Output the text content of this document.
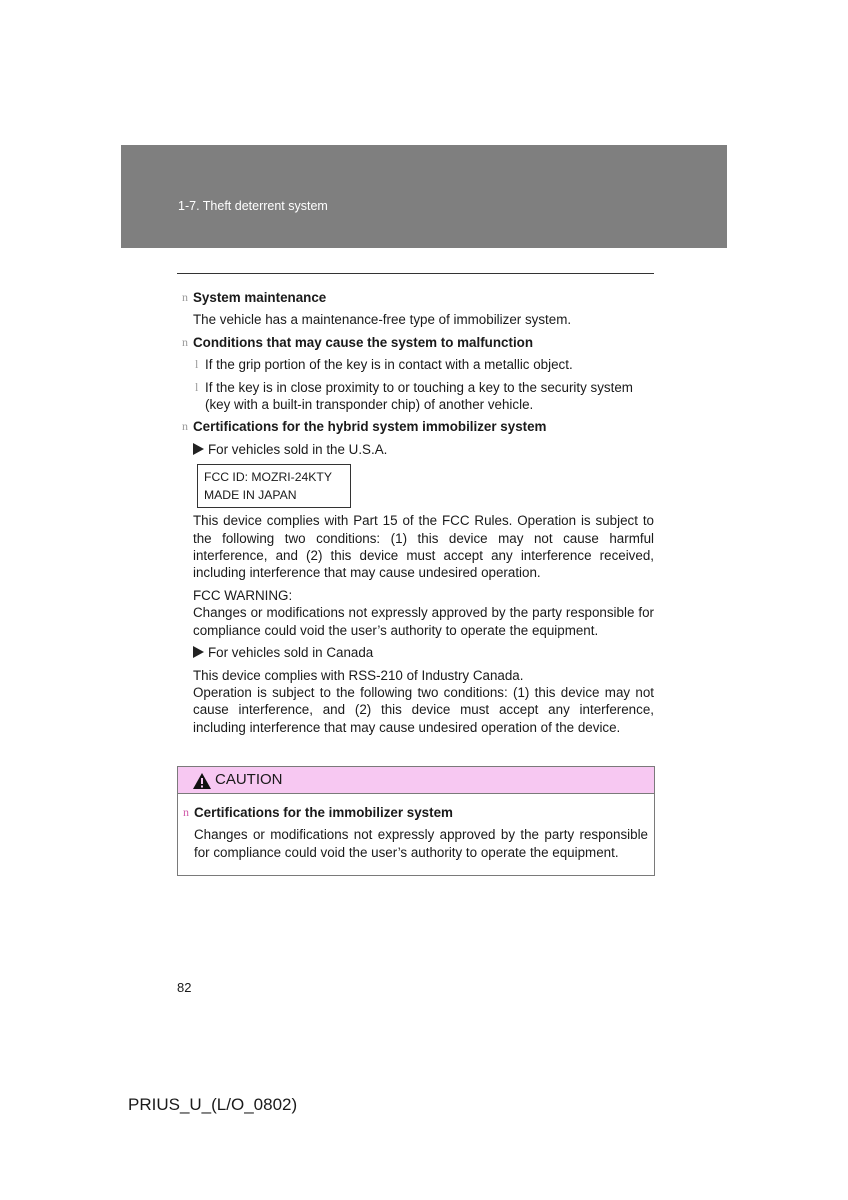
1-7. Theft deterrent system
n System maintenance
The vehicle has a maintenance-free type of immobilizer system.
n Conditions that may cause the system to malfunction
l If the grip portion of the key is in contact with a metallic object.
l If the key is in close proximity to or touching a key to the security system (key with a built-in transponder chip) of another vehicle.
n Certifications for the hybrid system immobilizer system
For vehicles sold in the U.S.A.
FCC ID: MOZRI-24KTY
MADE IN JAPAN
This device complies with Part 15 of the FCC Rules. Operation is subject to the following two conditions: (1) this device may not cause harmful interference, and (2) this device must accept any interference received, including interference that may cause undesired operation.
FCC WARNING:
Changes or modifications not expressly approved by the party responsible for compliance could void the user’s authority to operate the equipment.
For vehicles sold in Canada
This device complies with RSS-210 of Industry Canada.
Operation is subject to the following two conditions: (1) this device may not cause interference, and (2) this device must accept any interference, including interference that may cause undesired operation of the device.
CAUTION
n Certifications for the immobilizer system
Changes or modifications not expressly approved by the party responsible for compliance could void the user’s authority to operate the equipment.
82
PRIUS_U_(L/O_0802)
